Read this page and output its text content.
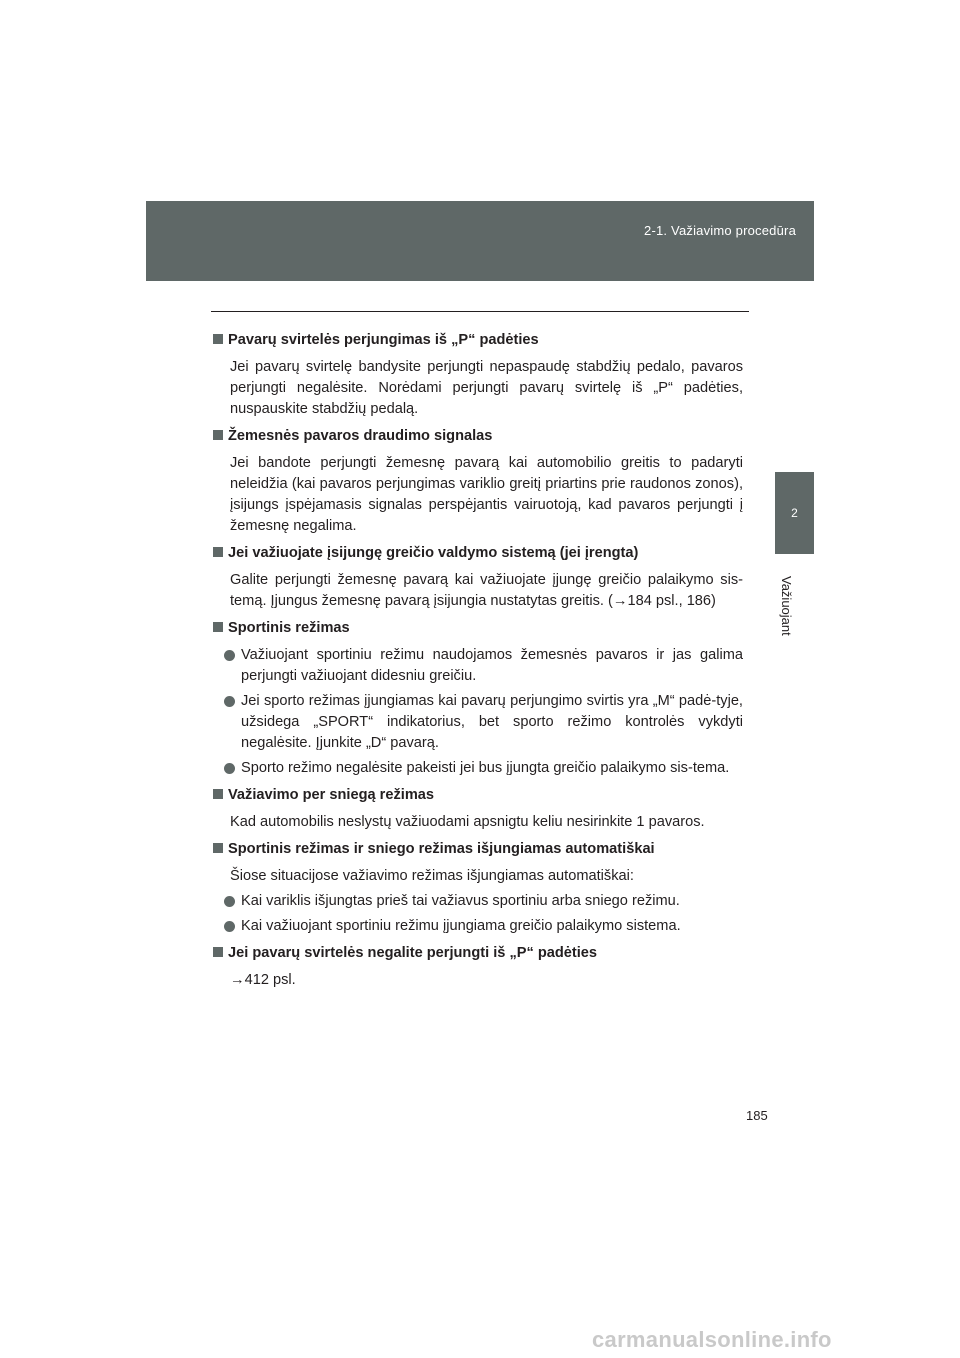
2-1. Važiavimo procedūra
2
Važiuojant
Pavarų svirtelės perjungimas iš „P“ padėties
Jei pavarų svirtelę bandysite perjungti nepaspaudę stabdžių pedalo, pavaros perjungti negalėsite. Norėdami perjungti pavarų svirtelę iš „P“ padėties, nuspauskite stabdžių pedalą.
Žemesnės pavaros draudimo signalas
Jei bandote perjungti žemesnę pavarą kai automobilio greitis to padaryti neleidžia (kai pavaros perjungimas variklio greitį priartins prie raudonos zonos), įsijungs įspėjamasis signalas perspėjantis vairuotoją, kad pavaros perjungti į žemesnę negalima.
Jei važiuojate įsijungę greičio valdymo sistemą (jei įrengta)
Galite perjungti žemesnę pavarą kai važiuojate įjungę greičio palaikymo sis-temą. Įjungus žemesnę pavarą įsijungia nustatytas greitis. (→184 psl., 186)
Sportinis režimas
Važiuojant sportiniu režimu naudojamos žemesnės pavaros ir jas galima perjungti važiuojant didesniu greičiu.
Jei sporto režimas įjungiamas kai pavarų perjungimo svirtis yra „M“ padė-tyje, užsidega „SPORT“ indikatorius, bet sporto režimo kontrolės vykdyti negalėsite. Įjunkite „D“ pavarą.
Sporto režimo negalėsite pakeisti jei bus įjungta greičio palaikymo sis-tema.
Važiavimo per sniegą režimas
Kad automobilis neslystų važiuodami apsnigtu keliu nesirinkite 1 pavaros.
Sportinis režimas ir sniego režimas išjungiamas automatiškai
Šiose situacijose važiavimo režimas išjungiamas automatiškai:
Kai variklis išjungtas prieš tai važiavus sportiniu arba sniego režimu.
Kai važiuojant sportiniu režimu įjungiama greičio palaikymo sistema.
Jei pavarų svirtelės negalite perjungti iš „P“ padėties
→412 psl.
185
carmanualsonline.info
